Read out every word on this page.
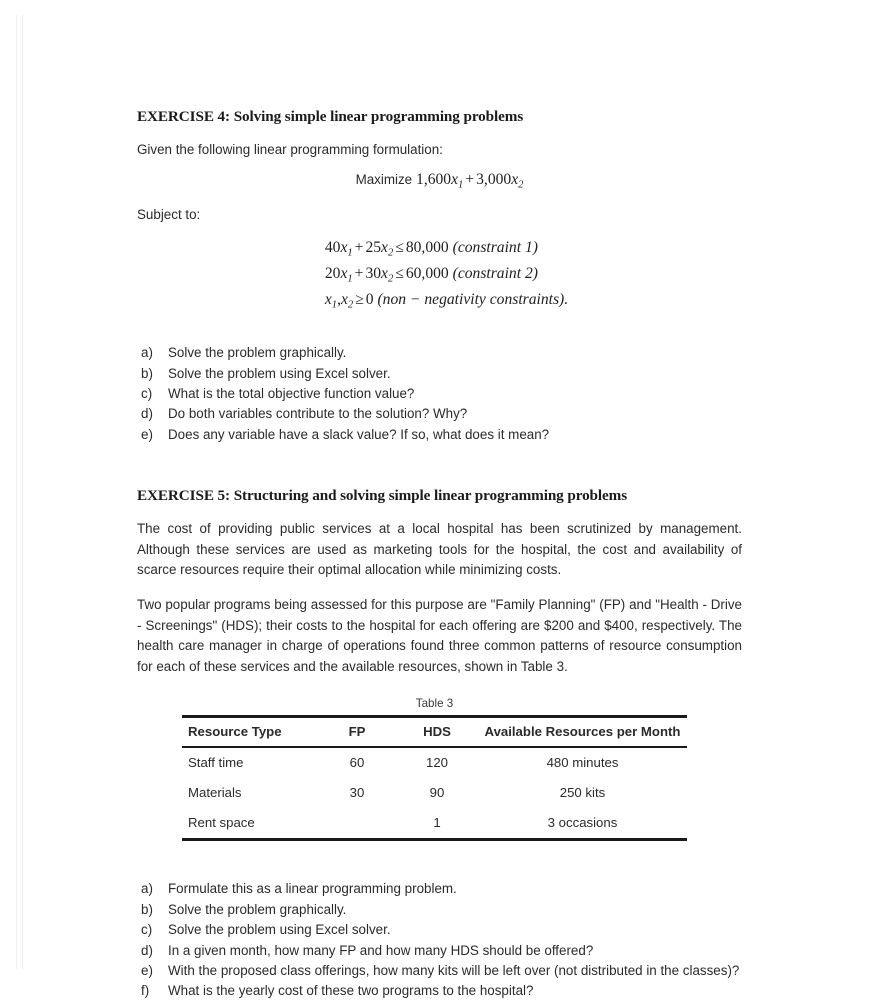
EXERCISE 4: Solving simple linear programming problems

Given the following linear programming formulation:

Maximize $1,600x_1 + 3,000x_2$

Subject to:

$40x_1 + 25x_2 \le 80,000$ (constraint 1)
$20x_1 + 30x_2 \le 60,000$ (constraint 2)
$x_1,x_2 \ge 0$ (non − negativity constraints).
a)	Solve the problem graphically.
b)	Solve the problem using Excel solver.
c)	What is the total objective function value?
d)	Do both variables contribute to the solution? Why?
e)	Does any variable have a slack value? If so, what does it mean?
EXERCISE 5: Structuring and solving simple linear programming problems

The cost of providing public services at a local hospital has been scrutinized by management. Although these services are used as marketing tools for the hospital, the cost and availability of scarce resources require their optimal allocation while minimizing costs.

Two popular programs being assessed for this purpose are "Family Planning" (FP) and "Health - Drive - Screenings" (HDS); their costs to the hospital for each offering are $200 and $400, respectively. The health care manager in charge of operations found three common patterns of resource consumption for each of these services and the available resources, shown in Table 3.

Table 3
Resource Type	FP	HDS	Available Resources per Month
Staff time	60	120	480 minutes
Materials	30	90	250 kits
Rent space		1	3 occasions
a)	Formulate this as a linear programming problem.
b)	Solve the problem graphically.
c)	Solve the problem using Excel solver.
d)	In a given month, how many FP and how many HDS should be offered?
e)	With the proposed class offerings, how many kits will be left over (not distributed in the classes)?
f)	What is the yearly cost of these two programs to the hospital?
